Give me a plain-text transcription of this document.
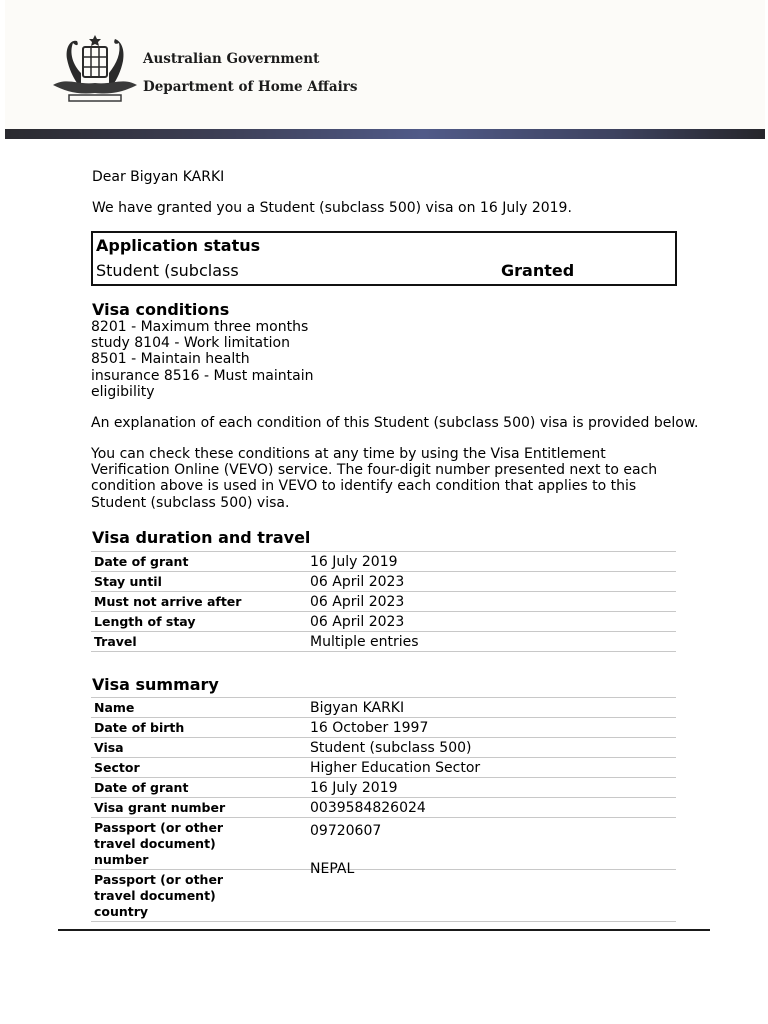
Australian Government
Department of Home Affairs
Dear Bigyan KARKI
We have granted you a Student (subclass 500) visa on 16 July 2019.
Application status
Student (subclass	Granted
Visa conditions
8201 - Maximum three months
study 8104 - Work limitation
8501 - Maintain health
insurance 8516 - Must maintain
eligibility
An explanation of each condition of this Student (subclass 500) visa is provided below.
You can check these conditions at any time by using the Visa Entitlement
Verification Online (VEVO) service. The four-digit number presented next to each
condition above is used in VEVO to identify each condition that applies to this
Student (subclass 500) visa.
Visa duration and travel
Date of grant	16 July 2019
Stay until	06 April 2023
Must not arrive after	06 April 2023
Length of stay	06 April 2023
Travel	Multiple entries
Visa summary
Name	Bigyan KARKI
Date of birth	16 October 1997
Visa	Student (subclass 500)
Sector	Higher Education Sector
Date of grant	16 July 2019
Visa grant number	0039584826024

Passport (or other
travel document)
number	09720607

Passport (or other
travel document)
country	NEPAL
